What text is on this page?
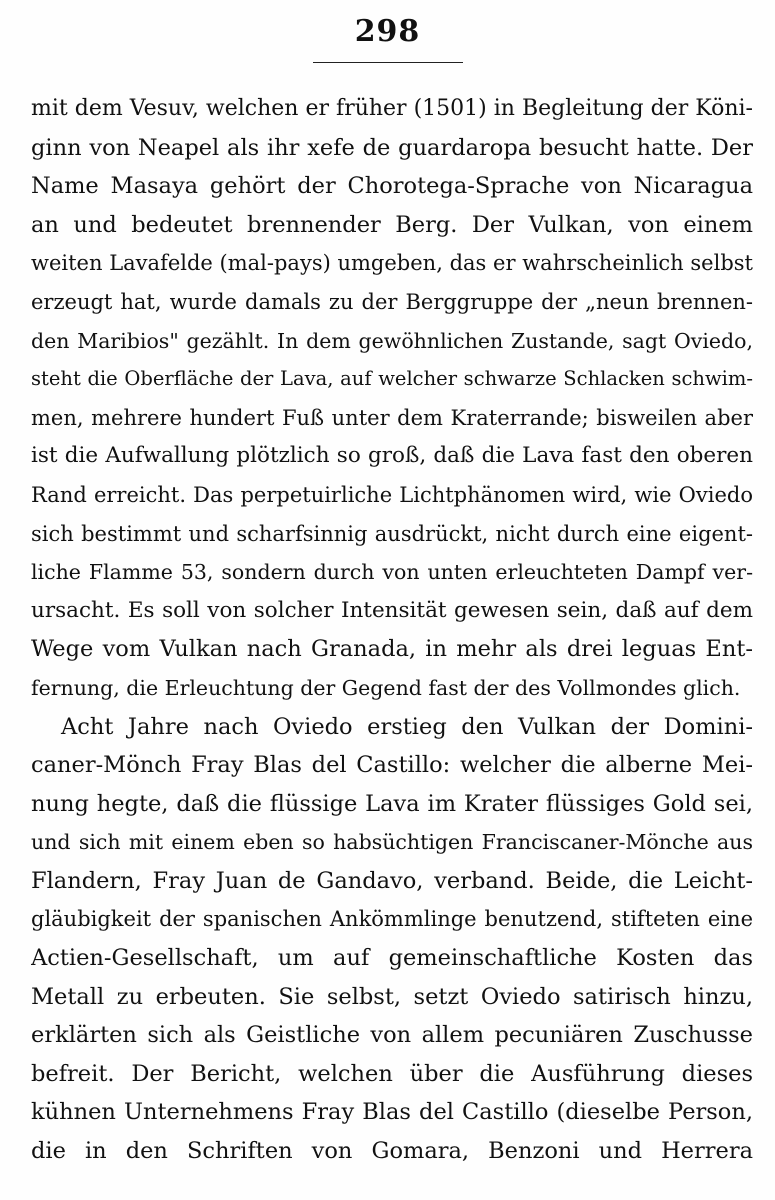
298
mit dem Vesuv, welchen er früher (1501) in Begleitung der Köni-
ginn von Neapel als ihr xefe de guardaropa besucht hatte. Der
Name Masaya gehört der Chorotega-Sprache von Nicaragua
an und bedeutet brennender Berg. Der Vulkan, von einem
weiten Lavafelde (mal-pays) umgeben, das er wahrscheinlich selbst
erzeugt hat, wurde damals zu der Berggruppe der „neun brennen-
den Maribios" gezählt. In dem gewöhnlichen Zustande, sagt Oviedo,
steht die Oberfläche der Lava, auf welcher schwarze Schlacken schwim-
men, mehrere hundert Fuß unter dem Kraterrande; bisweilen aber
ist die Aufwallung plötzlich so groß, daß die Lava fast den oberen
Rand erreicht. Das perpetuirliche Lichtphänomen wird, wie Oviedo
sich bestimmt und scharfsinnig ausdrückt, nicht durch eine eigent-
liche Flamme 53, sondern durch von unten erleuchteten Dampf ver-
ursacht. Es soll von solcher Intensität gewesen sein, daß auf dem
Wege vom Vulkan nach Granada, in mehr als drei leguas Ent-
fernung, die Erleuchtung der Gegend fast der des Vollmondes glich.
Acht Jahre nach Oviedo erstieg den Vulkan der Domini-
caner-Mönch Fray Blas del Castillo: welcher die alberne Mei-
nung hegte, daß die flüssige Lava im Krater flüssiges Gold sei,
und sich mit einem eben so habsüchtigen Franciscaner-Mönche aus
Flandern, Fray Juan de Gandavo, verband. Beide, die Leicht-
gläubigkeit der spanischen Ankömmlinge benutzend, stifteten eine
Actien-Gesellschaft, um auf gemeinschaftliche Kosten das
Metall zu erbeuten. Sie selbst, setzt Oviedo satirisch hinzu,
erklärten sich als Geistliche von allem pecuniären Zuschusse
befreit. Der Bericht, welchen über die Ausführung dieses
kühnen Unternehmens Fray Blas del Castillo (dieselbe Person,
die in den Schriften von Gomara, Benzoni und Herrera
